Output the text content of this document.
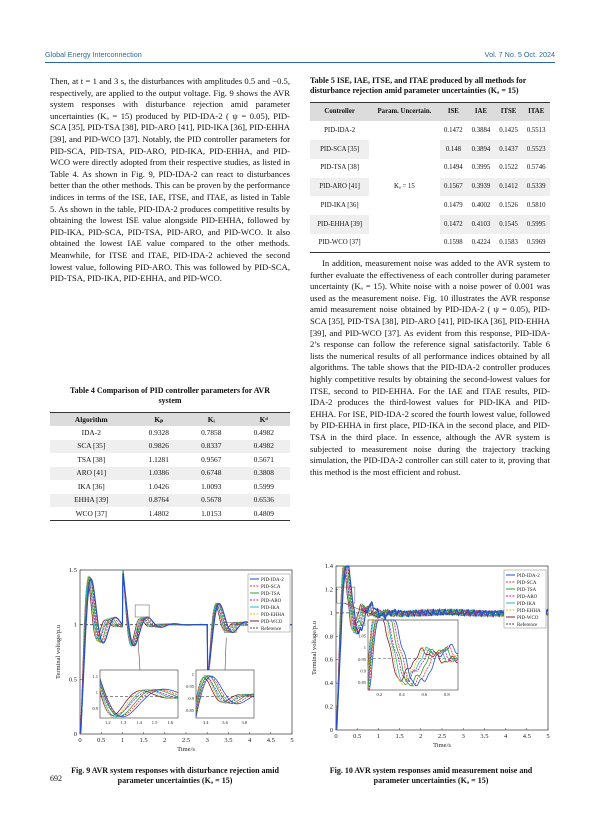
Global Energy Interconnection	Vol. 7 No. 5 Oct. 2024

Then, at t = 1 and 3 s, the disturbances with amplitudes 0.5 and −0.5, respectively, are applied to the output voltage. Fig. 9 shows the AVR system responses with disturbance rejection amid parameter uncertainties (Kₐ = 15) produced by PID-IDA-2 ( ψ = 0.05), PID-SCA [35], PID-TSA [38], PID-ARO [41], PID-IKA [36], PID-EHHA [39], and PID-WCO [37]. Notably, the PID controller parameters for PID-SCA, PID-TSA, PID-ARO, PID-IKA, PID-EHHA, and PID-WCO were directly adopted from their respective studies, as listed in Table 4. As shown in Fig. 9, PID-IDA-2 can react to disturbances better than the other methods. This can be proven by the performance indices in terms of the ISE, IAE, ITSE, and ITAE, as listed in Table 5. As shown in the table, PID-IDA-2 produces competitive results by obtaining the lowest ISE value alongside PID-EHHA, followed by PID-IKA, PID-SCA, PID-TSA, PID-ARO, and PID-WCO. It also obtained the lowest IAE value compared to the other methods. Meanwhile, for ITSE and ITAE, PID-IDA-2 achieved the second lowest value, following PID-ARO. This was followed by PID-SCA, PID-TSA, PID-IKA, PID-EHHA, and PID-WCO.

Table 4 Comparison of PID controller parameters for AVR system
Algorithm	Kₚ	Kᵢ	Kᵈ
IDA-2	0.9328	0.7858	0.4982
SCA [35]	0.9826	0.8337	0.4982
TSA [38]	1.1281	0.9567	0.5671
ARO [41]	1.0386	0.6748	0.3808
IKA [36]	1.0426	1.0093	0.5999
EHHA [39]	0.8764	0.5678	0.6536
WCO [37]	1.4802	1.0153	0.4809
0 0.5 1 1.5 2 2.5 3 3.5 4 4.5 5
0
0.5
1
1.5
Time/s
Terminal voltage/p.u
PID-IDA-2
PID-SCA
PID-TSA
PID-ARO
PID-IKA
PID-EHHA
PID-WCO
Reference
1.2 1.3 1.4 1.5 1.6
0.9
1
1.1
3.4	3.6	3.8
0.85
0.9
0.95
1
Fig. 9 AVR system responses with disturbance rejection amid parameter uncertainties (Kₐ = 15)
Table 5 ISE, IAE, ITSE, and ITAE produced by all methods for disturbance rejection amid parameter uncertainties (Kₐ = 15)
Controller	Param. Uncertain.	ISE	IAE	ITSE	ITAE
PID-IDA-2	Kₐ = 15	0.1472	0.3884	0.1425	0.5513
PID-SCA [35]		0.148	0.3894	0.1437	0.5523
PID-TSA [38]		0.1494	0.3995	0.1522	0.5746
PID-ARO [41]		0.1567	0.3939	0.1412	0.5339
PID-IKA [36]		0.1479	0.4002	0.1526	0.5810
PID-EHHA [39]		0.1472	0.4103	0.1545	0.5995
PID-WCO [37]		0.1598	0.4224	0.1583	0.5969

In addition, measurement noise was added to the AVR system to further evaluate the effectiveness of each controller during parameter uncertainty (Kₐ = 15). White noise with a noise power of 0.001 was used as the measurement noise. Fig. 10 illustrates the AVR response amid measurement noise obtained by PID-IDA-2 ( ψ = 0.05), PID-SCA [35], PID-TSA [38], PID-ARO [41], PID-IKA [36], PID-EHHA [39], and PID-WCO [37]. As evident from this response, PID-IDA-2’s response can follow the reference signal satisfactorily. Table 6 lists the numerical results of all performance indices obtained by all algorithms. The table shows that the PID-IDA-2 controller produces highly competitive results by obtaining the second-lowest values for ITSE, second to PID-EHHA. For the IAE and ITAE results, PID-IDA-2 produces the third-lowest values for PID-IKA and PID-EHHA. For ISE, PID-IDA-2 scored the fourth lowest value, followed by PID-EHHA in first place, PID-IKA in the second place, and PID-TSA in the third place. In essence, although the AVR system is subjected to measurement noise during the trajectory tracking simulation, the PID-IDA-2 controller can still cater to it, proving that this method is the most efficient and robust.

0 0.5 1 1.5 2 2.5 3 3.5 4 4.5 5
0
0.2
0.4
0.6
0.8
1
1.2
1.4
Time/s
Terminal voltage/p.u
PID-IDA-2
PID-SCA
PID-TSA
PID-ARO
PID-IKA
PID-EHHA
PID-WCO
Reference
0.2	0.4	0.6	0.8
0.85
0.9
0.95
1
1.05
1.1
Fig. 10 AVR system responses amid measurement noise and parameter uncertainties (Kₐ = 15)
692
